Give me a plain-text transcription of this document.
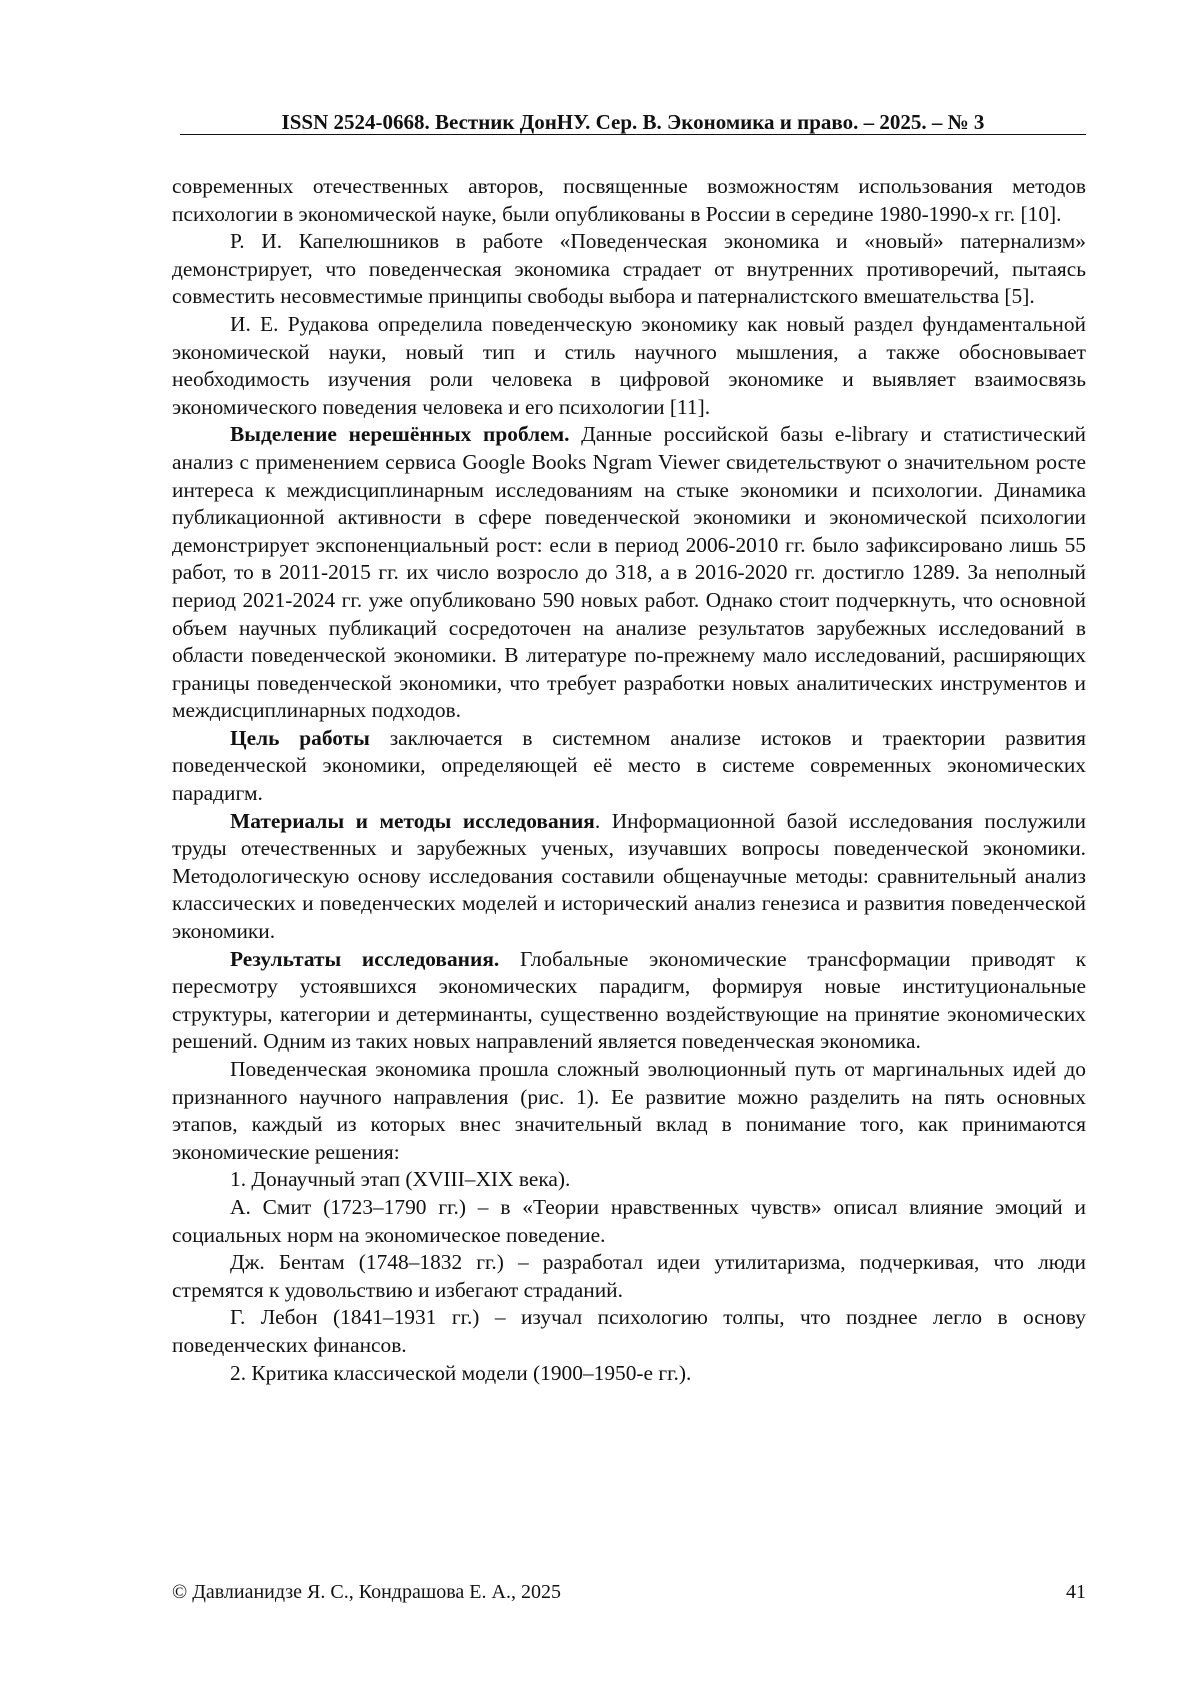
ISSN 2524-0668. Вестник ДонНУ. Сер. В. Экономика и право. – 2025. – № 3

современных отечественных авторов, посвященные возможностям использования методов психологии в экономической науке, были опубликованы в России в середине 1980-1990-х гг. [10].

Р. И. Капелюшников в работе «Поведенческая экономика и «новый» патернализм» демонстрирует, что поведенческая экономика страдает от внутренних противоречий, пытаясь совместить несовместимые принципы свободы выбора и патерналистского вмешательства [5].

И. Е. Рудакова определила поведенческую экономику как новый раздел фундаментальной экономической науки, новый тип и стиль научного мышления, а также обосновывает необходимость изучения роли человека в цифровой экономике и выявляет взаимосвязь экономического поведения человека и его психологии [11].

Выделение нерешённых проблем. Данные российской базы e-library и статистический анализ с применением сервиса Google Books Ngram Viewer свидетельствуют о значительном росте интереса к междисциплинарным исследованиям на стыке экономики и психологии. Динамика публикационной активности в сфере поведенческой экономики и экономической психологии демонстрирует экспоненциальный рост: если в период 2006-2010 гг. было зафиксировано лишь 55 работ, то в 2011-2015 гг. их число возросло до 318, а в 2016-2020 гг. достигло 1289. За неполный период 2021-2024 гг. уже опубликовано 590 новых работ. Однако стоит подчеркнуть, что основной объем научных публикаций сосредоточен на анализе результатов зарубежных исследований в области поведенческой экономики. В литературе по-прежнему мало исследований, расширяющих границы поведенческой экономики, что требует разработки новых аналитических инструментов и междисциплинарных подходов.

Цель работы заключается в системном анализе истоков и траектории развития поведенческой экономики, определяющей её место в системе современных экономических парадигм.

Материалы и методы исследования. Информационной базой исследования послужили труды отечественных и зарубежных ученых, изучавших вопросы поведенческой экономики. Методологическую основу исследования составили общенаучные методы: сравнительный анализ классических и поведенческих моделей и исторический анализ генезиса и развития поведенческой экономики.

Результаты исследования. Глобальные экономические трансформации приводят к пересмотру устоявшихся экономических парадигм, формируя новые институциональные структуры, категории и детерминанты, существенно воздействующие на принятие экономических решений. Одним из таких новых направлений является поведенческая экономика.

Поведенческая экономика прошла сложный эволюционный путь от маргинальных идей до признанного научного направления (рис. 1). Ее развитие можно разделить на пять основных этапов, каждый из которых внес значительный вклад в понимание того, как принимаются экономические решения:

1. Донаучный этап (XVIII–XIX века).

А. Смит (1723–1790 гг.) – в «Теории нравственных чувств» описал влияние эмоций и социальных норм на экономическое поведение.

Дж. Бентам (1748–1832 гг.) – разработал идеи утилитаризма, подчеркивая, что люди стремятся к удовольствию и избегают страданий.

Г. Лебон (1841–1931 гг.) – изучал психологию толпы, что позднее легло в основу поведенческих финансов.

2. Критика классической модели (1900–1950-е гг.).

© Давлианидзе Я. С., Кондрашова Е. А., 2025	41
